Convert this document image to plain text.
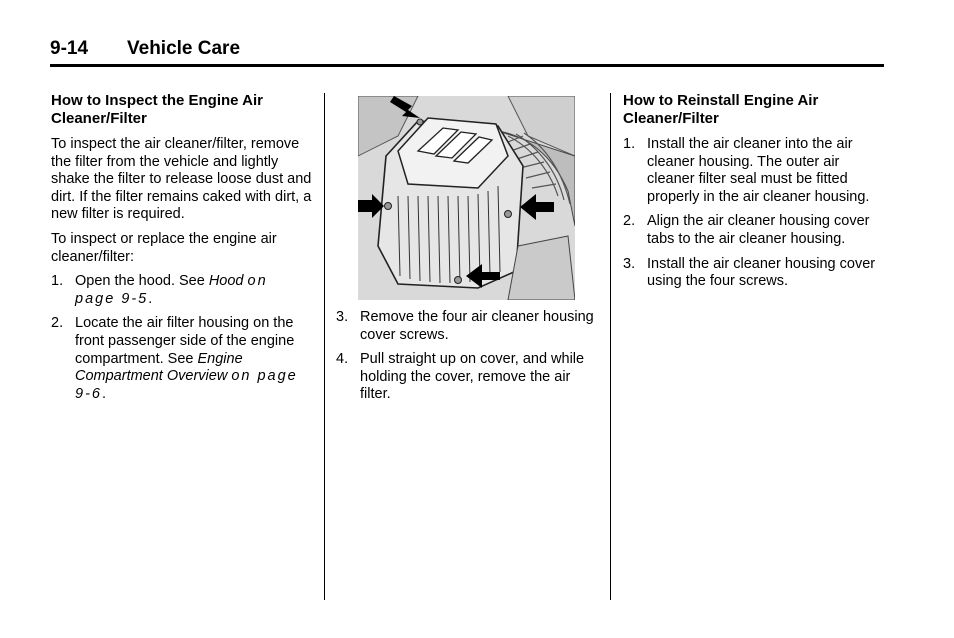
9-14 Vehicle Care
How to Inspect the Engine Air Cleaner/Filter

To inspect the air cleaner/filter, remove the filter from the vehicle and lightly shake the filter to release loose dust and dirt. If the filter remains caked with dirt, a new filter is required.

To inspect or replace the engine air cleaner/filter:

1. Open the hood. See Hood on page 9-5.
2. Locate the air filter housing on the front passenger side of the engine compartment. See Engine Compartment Overview on page 9-6.
3. Remove the four air cleaner housing cover screws.
4. Pull straight up on cover, and while holding the cover, remove the air filter.
How to Reinstall Engine Air Cleaner/Filter
1. Install the air cleaner into the air cleaner housing. The outer air cleaner filter seal must be fitted properly in the air cleaner housing.
2. Align the air cleaner housing cover tabs to the air cleaner housing.
3. Install the air cleaner housing cover using the four screws.
